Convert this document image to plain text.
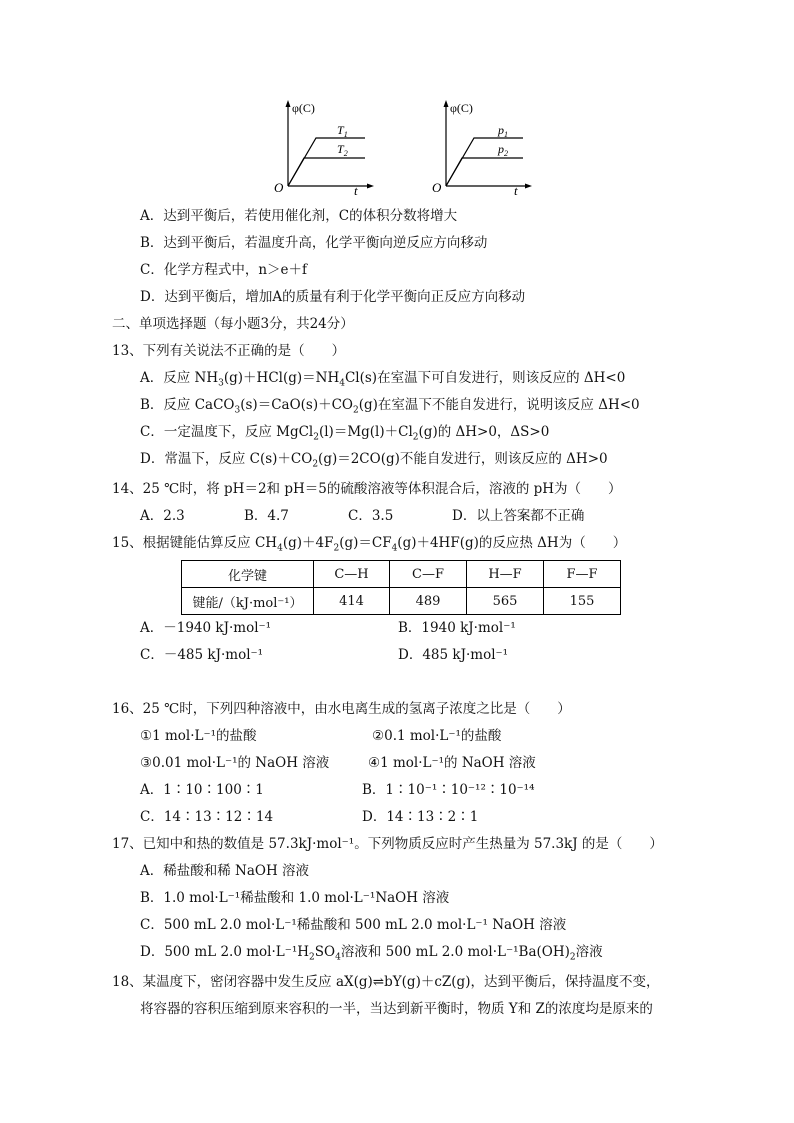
φ(C)
O	t
$T_1$
$T_2$
φ(C)
O	t
$p_1$
$p_2$
A．达到平衡后，若使用催化剂，C的体积分数将增大
B．达到平衡后，若温度升高，化学平衡向逆反应方向移动
C．化学方程式中，n＞e＋f
D．达到平衡后，增加A的质量有利于化学平衡向正反应方向移动
二、单项选择题（每小题3分，共24分）
13、下列有关说法不正确的是（　　）
A．反应 $NH_3(g)+HCl(g)=NH_4Cl(s)$在室温下可自发进行，则该反应的 ΔH<0
B．反应 $CaCO_3(s)=CaO(s)+CO_2(g)$在室温下不能自发进行，说明该反应 ΔH<0
C．一定温度下，反应 $MgCl_2(l)=Mg(l)+Cl_2(g)$的 ΔH>0，ΔS>0
D．常温下，反应 $C(s)+CO_2(g)=2CO(g)$不能自发进行，则该反应的 ΔH>0
14、25 ℃时，将 pH＝2和 pH＝5的硫酸溶液等体积混合后，溶液的 pH为（　　）
A．2.3	B．4.7	C．3.5	D．以上答案都不正确
15、根据键能估算反应 $CH_4(g)+4F_2(g)=CF_4(g)+4HF(g)$的反应热 ΔH为（　　）
化学键	C—H	C—F	H—F	F—F
键能/（kJ·mol⁻¹）	414	489	565	155
A．－1940 kJ·mol⁻¹	B．1940 kJ·mol⁻¹
C．－485 kJ·mol⁻¹	D．485 kJ·mol⁻¹
16、25 ℃时，下列四种溶液中，由水电离生成的氢离子浓度之比是（　　）
①1 mol·L⁻¹的盐酸	②0.1 mol·L⁻¹的盐酸
③0.01 mol·L⁻¹的 NaOH 溶液	④1 mol·L⁻¹的 NaOH 溶液
A．1∶10∶100∶1	B．1∶10⁻¹∶10⁻¹²∶10⁻¹⁴
C．14∶13∶12∶14	D．14∶13∶2∶1
17、已知中和热的数值是 57.3kJ·mol⁻¹。下列物质反应时产生热量为 57.3kJ 的是（　　）
A．稀盐酸和稀 NaOH 溶液
B．1.0 mol·L⁻¹稀盐酸和 1.0 mol·L⁻¹NaOH 溶液
C．500 mL 2.0 mol·L⁻¹稀盐酸和 500 mL 2.0 mol·L⁻¹ NaOH 溶液
D．500 mL 2.0 $mol\cdot L^{-1}H_2SO_4$溶液和 500 mL 2.0 $mol\cdot L^{-1}Ba(OH)_2$溶液
18、某温度下，密闭容器中发生反应 aX(g)⇌bY(g)＋cZ(g)，达到平衡后，保持温度不变，
将容器的容积压缩到原来容积的一半，当达到新平衡时，物质 Y和 Z的浓度均是原来的
